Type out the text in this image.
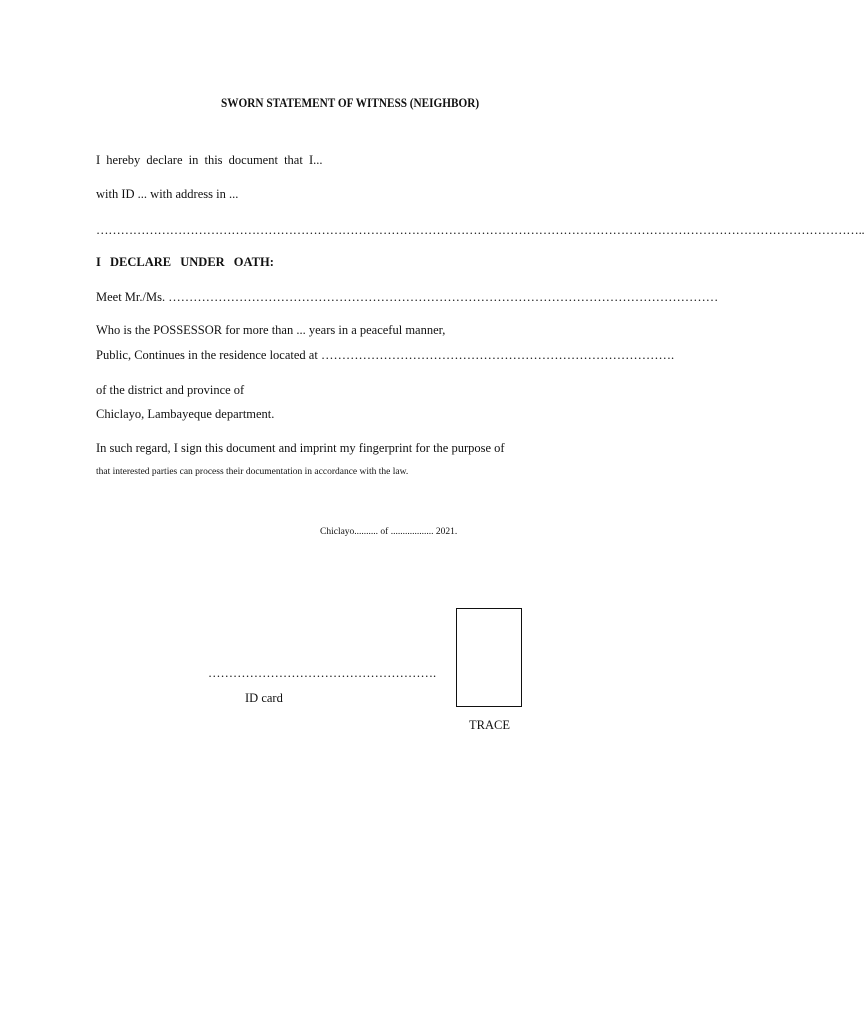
SWORN STATEMENT OF WITNESS (NEIGHBOR)
I hereby declare in this document that I...
with ID ... with address in ...
……………………………………………………………………………………………………………………………………………………………………..
I DECLARE UNDER OATH:
Meet Mr./Ms. ……………………………………………………………………………………………………………………
Who is the POSSESSOR for more than ... years in a peaceful manner,
Public, Continues in the residence located at ………………………………………………………………………….
of the district and province of
Chiclayo, Lambayeque department.
In such regard, I sign this document and imprint my fingerprint for the purpose of
that interested parties can process their documentation in accordance with the law.
Chiclayo.......... of .................. 2021.
……………………………………………….
ID card
TRACE
